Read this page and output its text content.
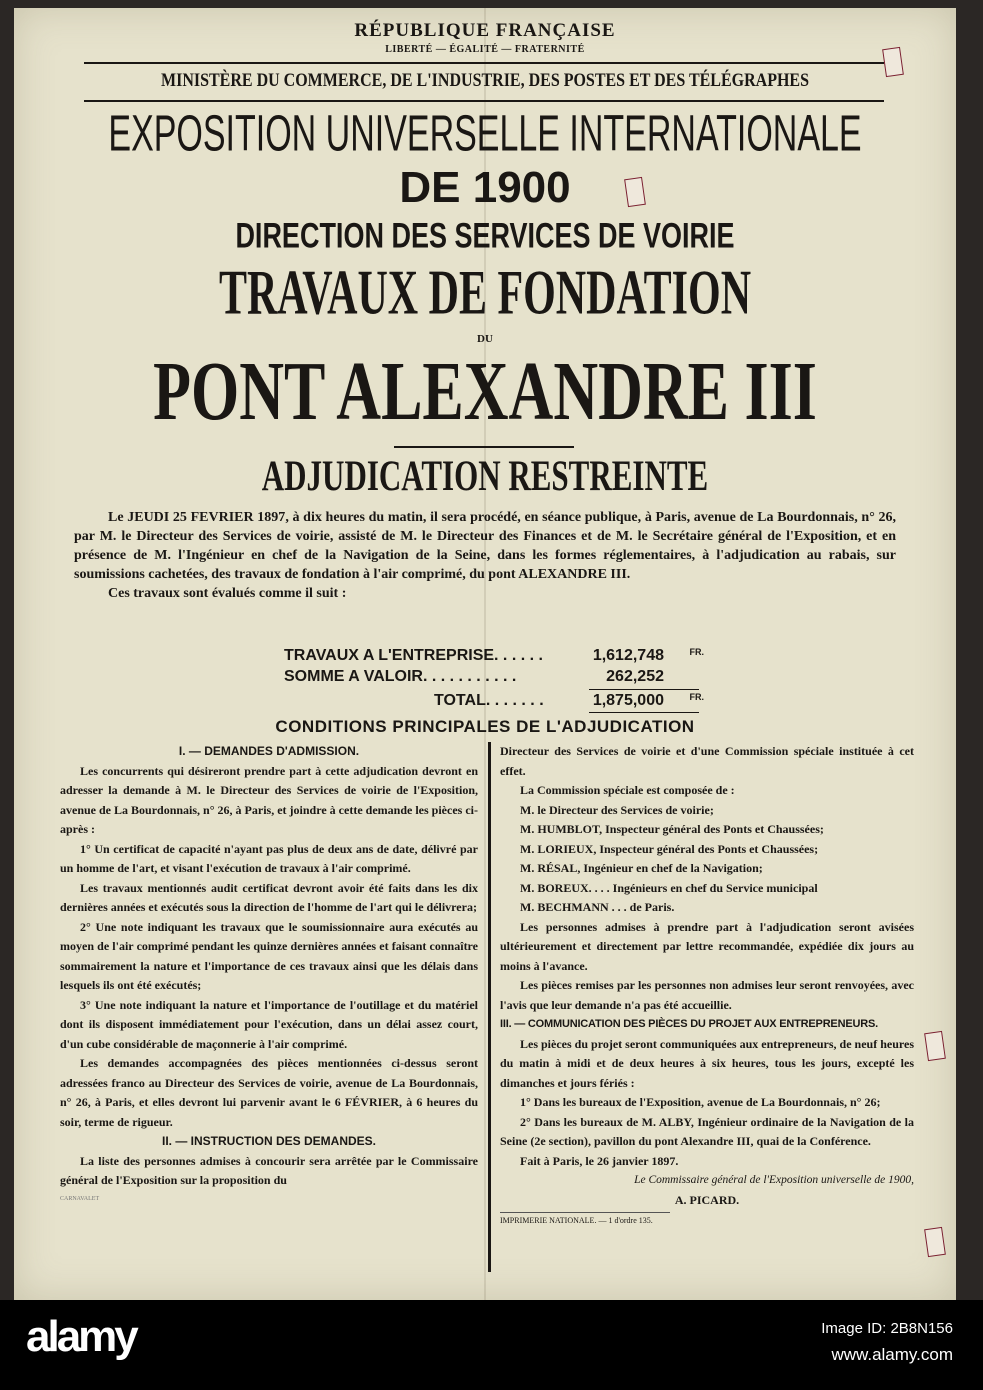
RÉPUBLIQUE FRANÇAISE
LIBERTÉ — ÉGALITÉ — FRATERNITÉ
MINISTÈRE DU COMMERCE, DE L'INDUSTRIE, DES POSTES ET DES TÉLÉGRAPHES
EXPOSITION UNIVERSELLE INTERNATIONALE
DE 1900
DIRECTION DES SERVICES DE VOIRIE
TRAVAUX DE FONDATION
DU
PONT ALEXANDRE III
ADJUDICATION RESTREINTE

Le JEUDI 25 FEVRIER 1897, à dix heures du matin, il sera procédé, en séance publique, à Paris, avenue de La Bourdonnais, n° 26, par M. le Directeur des Services de voirie, assisté de M. le Directeur des Finances et de M. le Secrétaire général de l'Exposition, et en présence de M. l'Ingénieur en chef de la Navigation de la Seine, dans les formes réglementaires, à l'adjudication au rabais, sur soumissions cachetées, des travaux de fondation à l'air comprimé, du pont ALEXANDRE III.

Ces travaux sont évalués comme il suit :

TRAVAUX A L'ENTREPRISE. . . . . .	1,612,748	FR.
SOMME A VALOIR. . . . . . . . . . .	262,252
TOTAL. . . . . . .	1,875,000	FR.
CONDITIONS PRINCIPALES DE L'ADJUDICATION

I. — DEMANDES D'ADMISSION.

Les concurrents qui désireront prendre part à cette adjudication devront en adresser la demande à M. le Directeur des Services de voirie de l'Exposition, avenue de La Bourdonnais, n° 26, à Paris, et joindre à cette demande les pièces ci-après :

1° Un certificat de capacité n'ayant pas plus de deux ans de date, délivré par un homme de l'art, et visant l'exécution de travaux à l'air comprimé.

Les travaux mentionnés audit certificat devront avoir été faits dans les dix dernières années et exécutés sous la direction de l'homme de l'art qui le délivrera;

2° Une note indiquant les travaux que le soumissionnaire aura exécutés au moyen de l'air comprimé pendant les quinze dernières années et faisant connaître sommairement la nature et l'importance de ces travaux ainsi que les délais dans lesquels ils ont été exécutés;

3° Une note indiquant la nature et l'importance de l'outillage et du matériel dont ils disposent immédiatement pour l'exécution, dans un délai assez court, d'un cube considérable de maçonnerie à l'air comprimé.

Les demandes accompagnées des pièces mentionnées ci-dessus seront adressées franco au Directeur des Services de voirie, avenue de La Bourdonnais, n° 26, à Paris, et elles devront lui parvenir avant le 6 FÉVRIER, à 6 heures du soir, terme de rigueur.

II. — INSTRUCTION DES DEMANDES.

La liste des personnes admises à concourir sera arrêtée par le Commissaire général de l'Exposition sur la proposition du

CARNAVALET

Directeur des Services de voirie et d'une Commission spéciale instituée à cet effet.

La Commission spéciale est composée de :

M. le Directeur des Services de voirie;

M. HUMBLOT, Inspecteur général des Ponts et Chaussées;

M. LORIEUX, Inspecteur général des Ponts et Chaussées;

M. RÉSAL, Ingénieur en chef de la Navigation;

M. BOREUX. . . . Ingénieurs en chef du Service municipal

M. BECHMANN . . . de Paris.

Les personnes admises à prendre part à l'adjudication seront avisées ultérieurement et directement par lettre recommandée, expédiée dix jours au moins à l'avance.

Les pièces remises par les personnes non admises leur seront renvoyées, avec l'avis que leur demande n'a pas été accueillie.

III. — COMMUNICATION DES PIÈCES DU PROJET AUX ENTREPRENEURS.

Les pièces du projet seront communiquées aux entrepreneurs, de neuf heures du matin à midi et de deux heures à six heures, tous les jours, excepté les dimanches et jours fériés :

1° Dans les bureaux de l'Exposition, avenue de La Bourdonnais, n° 26;

2° Dans les bureaux de M. ALBY, Ingénieur ordinaire de la Navigation de la Seine (2e section), pavillon du pont Alexandre III, quai de la Conférence.

Fait à Paris, le 26 janvier 1897.

Le Commissaire général de l'Exposition universelle de 1900,

A. PICARD.

IMPRIMERIE NATIONALE. — 1 d'ordre 135.

alamy	Image ID: 2B8N156
www.alamy.com
